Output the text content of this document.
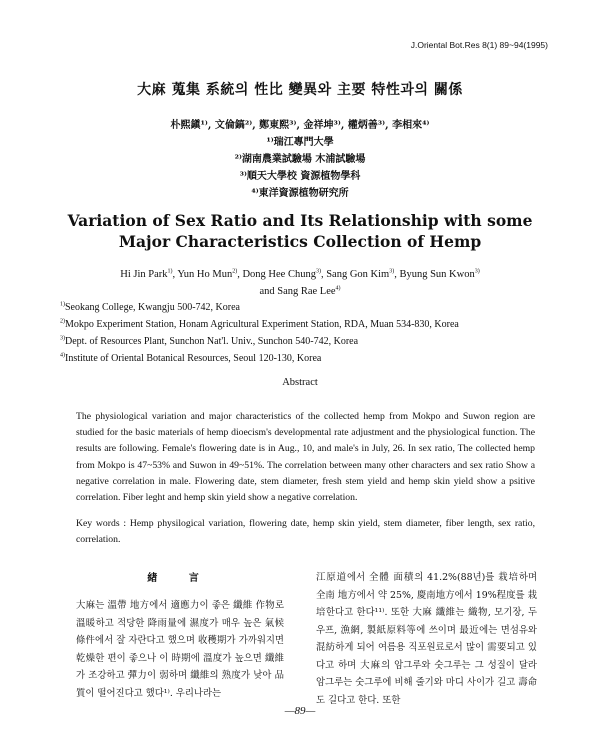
J.Oriental Bot.Res 8(1) 89~94(1995)
大麻 蒐集 系統의 性比 變異와 主要 特性과의 關係
朴熙鎭¹⁾, 文倫鎬²⁾, 鄭東熙³⁾, 金祥坤³⁾, 權炳善³⁾, 李相來⁴⁾
¹⁾瑞江專門大學
²⁾湖南農業試驗場 木浦試驗場
³⁾順天大學校 資源植物學科
⁴⁾東洋資源植物研究所
Variation of Sex Ratio and Its Relationship with some
Major Characteristics Collection of Hemp
Hi Jin Park$^{1)}$, Yun Ho Mun$^{2)}$, Dong Hee Chung$^{3)}$, Sang Gon Kim$^{3)}$, Byung Sun Kwon$^{3)}$
and Sang Rae Lee$^{4)}$
$^{1)}$Seokang College, Kwangju 500-742, Korea
$^{2)}$Mokpo Experiment Station, Honam Agricultural Experiment Station, RDA, Muan 534-830, Korea
$^{3)}$Dept. of Resources Plant, Sunchon Nat'l. Univ., Sunchon 540-742, Korea
$^{4)}$Institute of Oriental Botanical Resources, Seoul 120-130, Korea
Abstract
The physiological variation and major characteristics of the collected hemp from Mokpo and Suwon region are studied for the basic materials of hemp dioecism's developmental rate adjustment and the physiological function. The results are following. Female's flowering date is in Aug., 10, and male's in July, 26. In sex ratio, The collected hemp from Mokpo is 47~53% and Suwon in 49~51%. The correlation between many other characters and sex ratio Show a negative correlation in male. Flowering date, stem diameter, fresh stem yield and hemp skin yield show a psitive correlation. Fiber leght and hemp skin yield show a negative correlation.
Key words : Hemp physilogical variation, flowering date, hemp skin yield, stem diameter, fiber length, sex ratio, correlation.
緖 言
大麻는 溫帶 地方에서 適應力이 좋은 纖維 作物로 溫暖하고 적당한 降雨量에 濕度가 매우 높은 氣候 條件에서 잘 자란다고 했으며 收穫期가 가까워지면 乾燥한 편이 좋으나 이 時期에 溫度가 높으면 纖維가 조강하고 彈力이 弱하며 纖維의 熟度가 낮아 品質이 떨어진다고 했다¹⁾. 우리나라는
江原道에서 全體 面積의 41.2%(88년)를 栽培하며 全南 地方에서 약 25%, 慶南地方에서 19%程度를 栽培한다고 한다¹¹⁾. 또한 大麻 纖維는 織物, 모기장, 두우프, 漁網, 製紙原料等에 쓰이며 最近에는 면섬유와 混紡하게 되어 여름용 직포원료로서 많이 需要되고 있다고 하며 大麻의 암그루와 숫그루는 그 성질이 달라 암그루는 숫그루에 비해 줄기와 마디 사이가 길고 壽命도 길다고 한다. 또한
—89—
